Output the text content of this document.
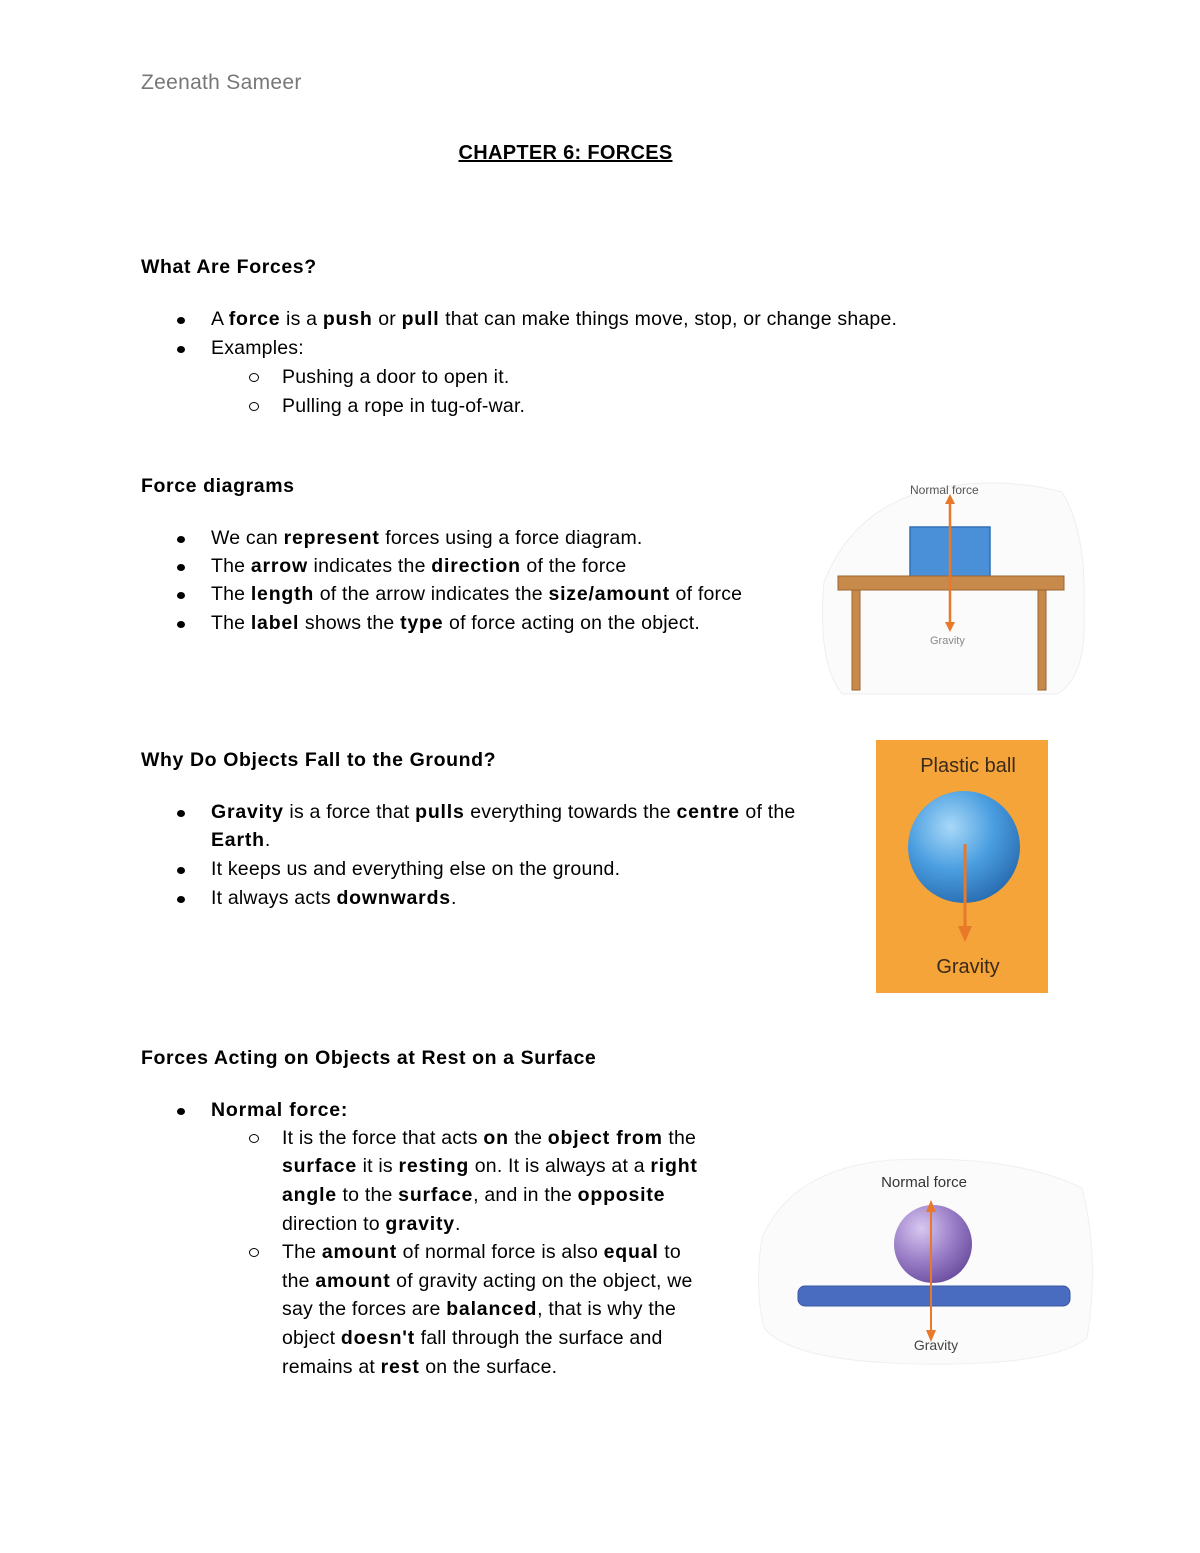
Zeenath Sameer
CHAPTER 6: FORCES
What Are Forces?
A force is a push or pull that can make things move, stop, or change shape.
Examples:
Pushing a door to open it.
Pulling a rope in tug-of-war.
Force diagrams
We can represent forces using a force diagram.
The arrow indicates the direction of the force
The length of the arrow indicates the size/amount of force
The label shows the type of force acting on the object.
Normal force
Gravity
Why Do Objects Fall to the Ground?
Gravity is a force that pulls everything towards the centre of the
Earth.
It keeps us and everything else on the ground.
It always acts downwards.
Plastic ball
Gravity
Forces Acting on Objects at Rest on a Surface
Normal force:
It is the force that acts on the object from the
surface it is resting on. It is always at a right
angle to the surface, and in the opposite
direction to gravity.
The amount of normal force is also equal to
the amount of gravity acting on the object, we
say the forces are balanced, that is why the
object doesn't fall through the surface and
remains at rest on the surface.
Normal force
Gravity
